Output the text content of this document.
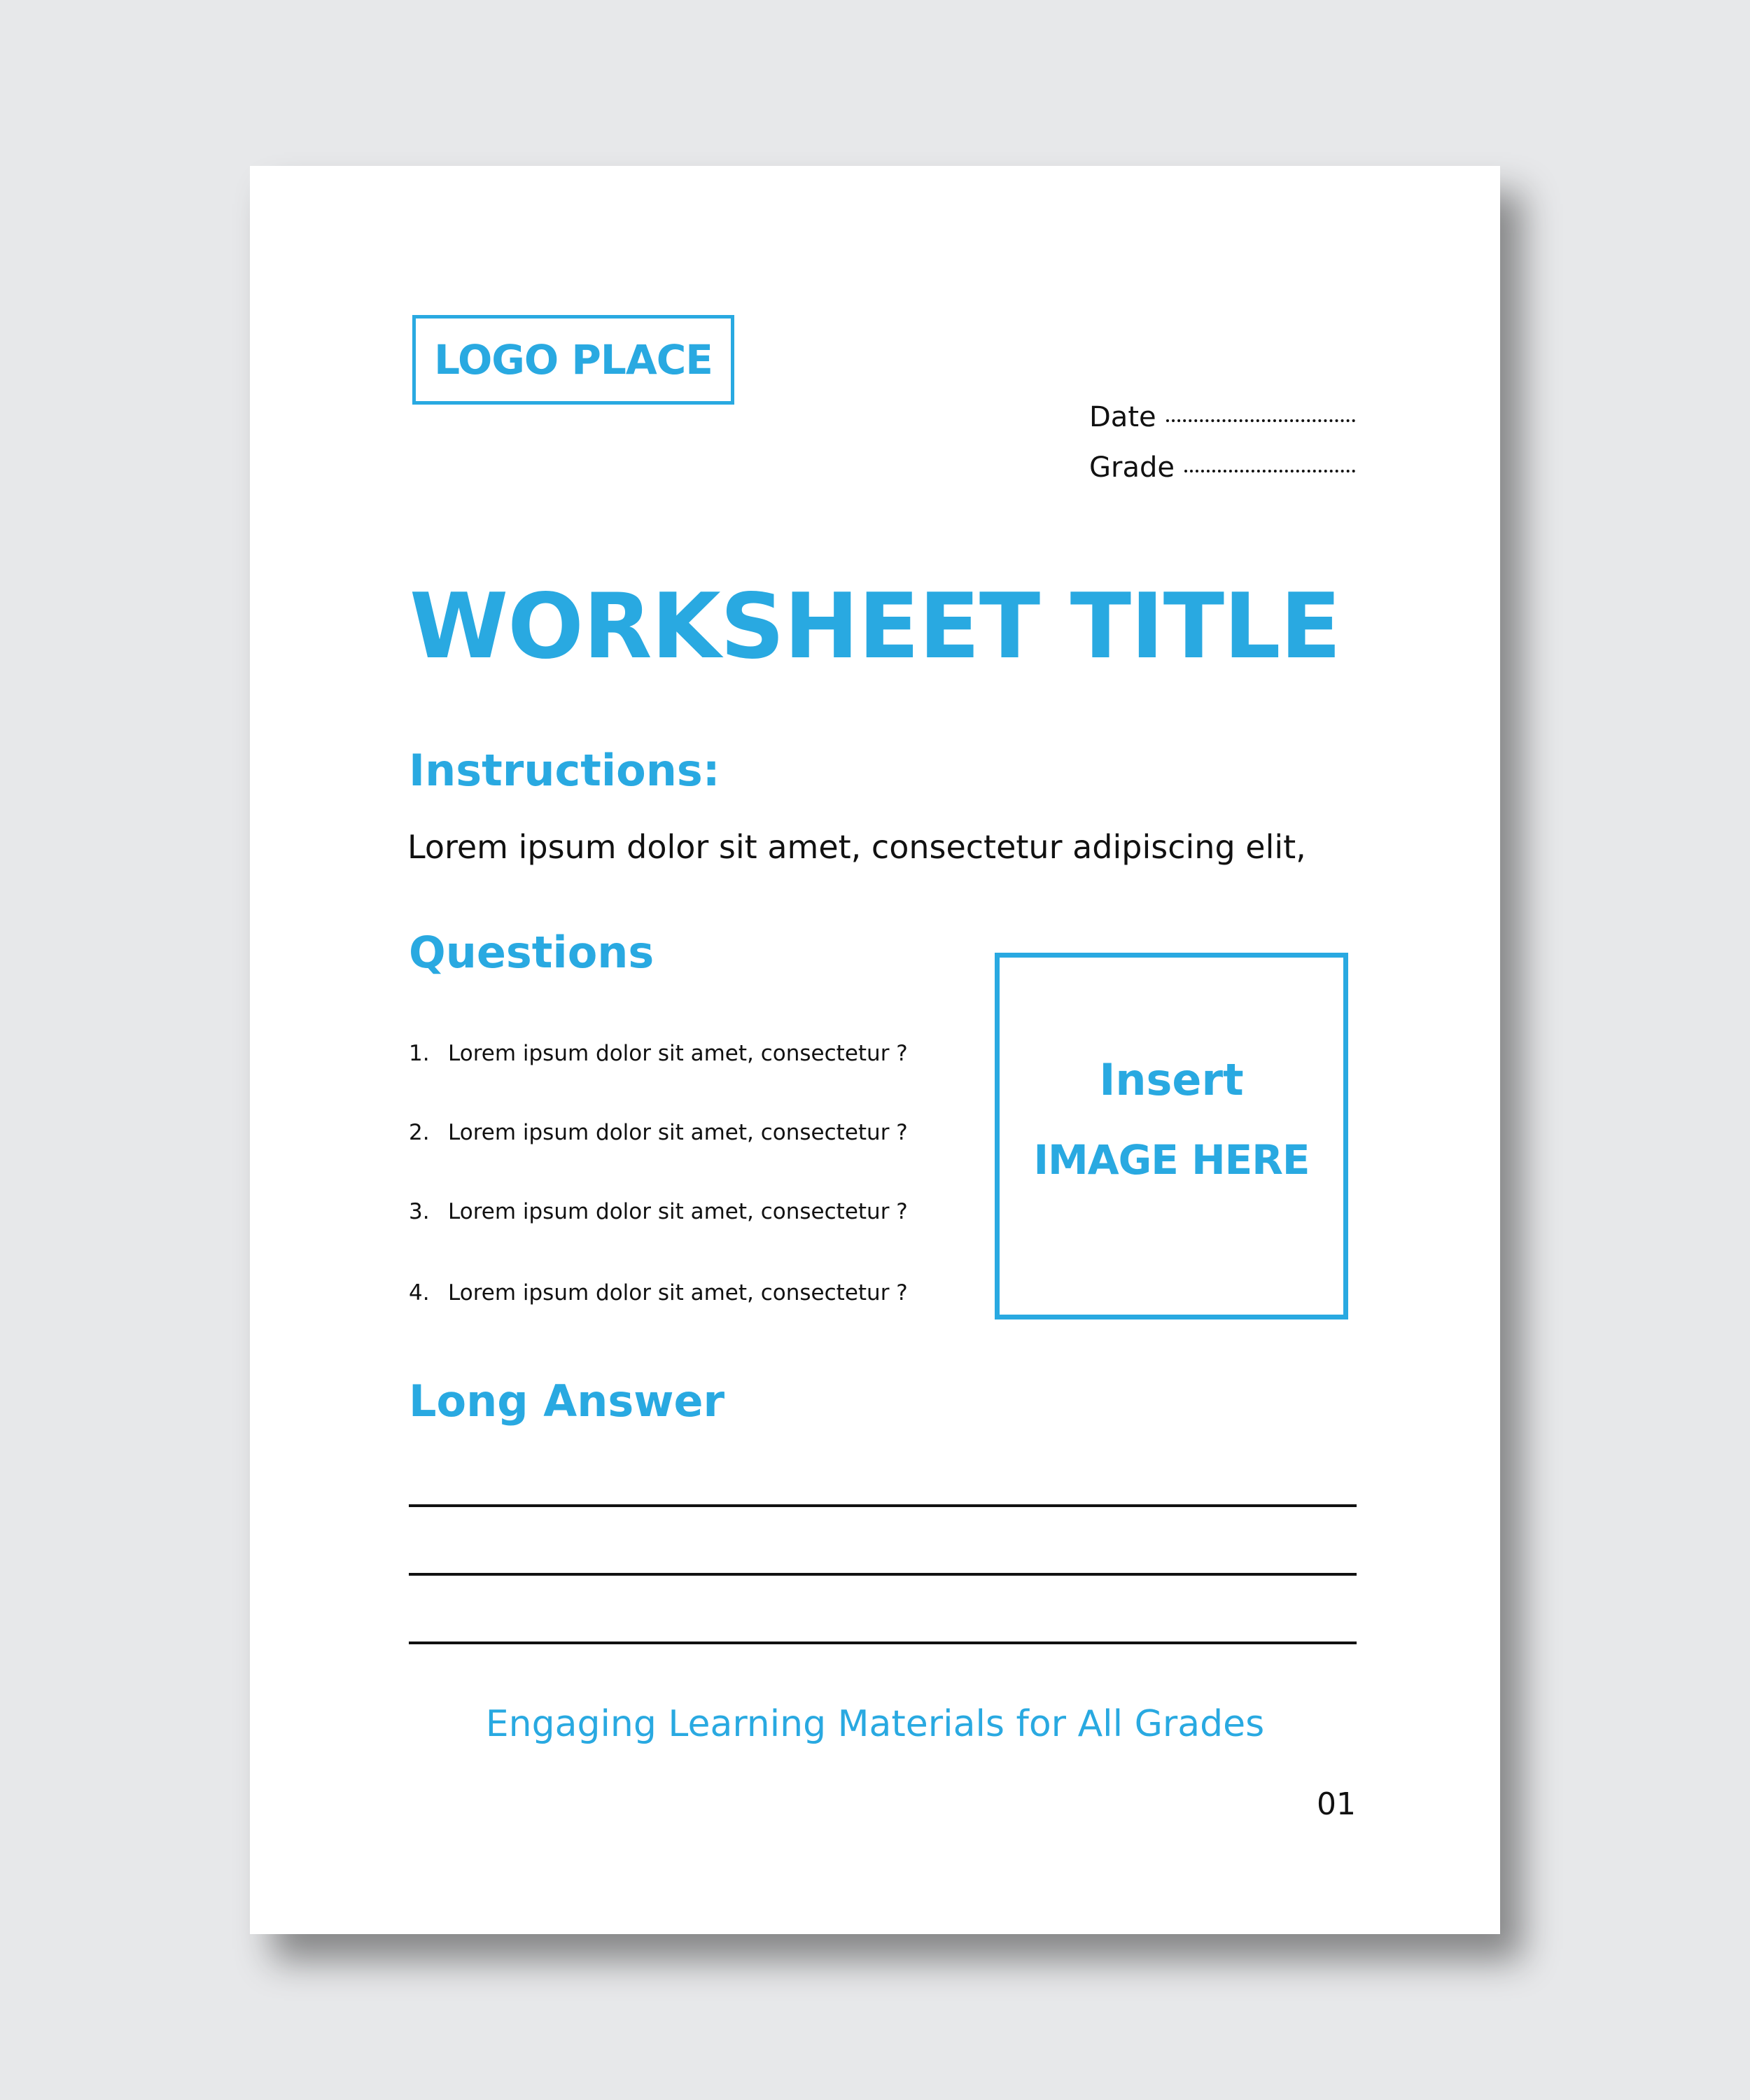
LOGO PLACE
Date
Grade
WORKSHEET TITLE
Instructions:
Lorem ipsum dolor sit amet, consectetur adipiscing elit,
Questions
1. Lorem ipsum dolor sit amet, consectetur ?
2. Lorem ipsum dolor sit amet, consectetur ?
3. Lorem ipsum dolor sit amet, consectetur ?
4. Lorem ipsum dolor sit amet, consectetur ?
Insert
IMAGE HERE
Long Answer
Engaging Learning Materials for All Grades
01
